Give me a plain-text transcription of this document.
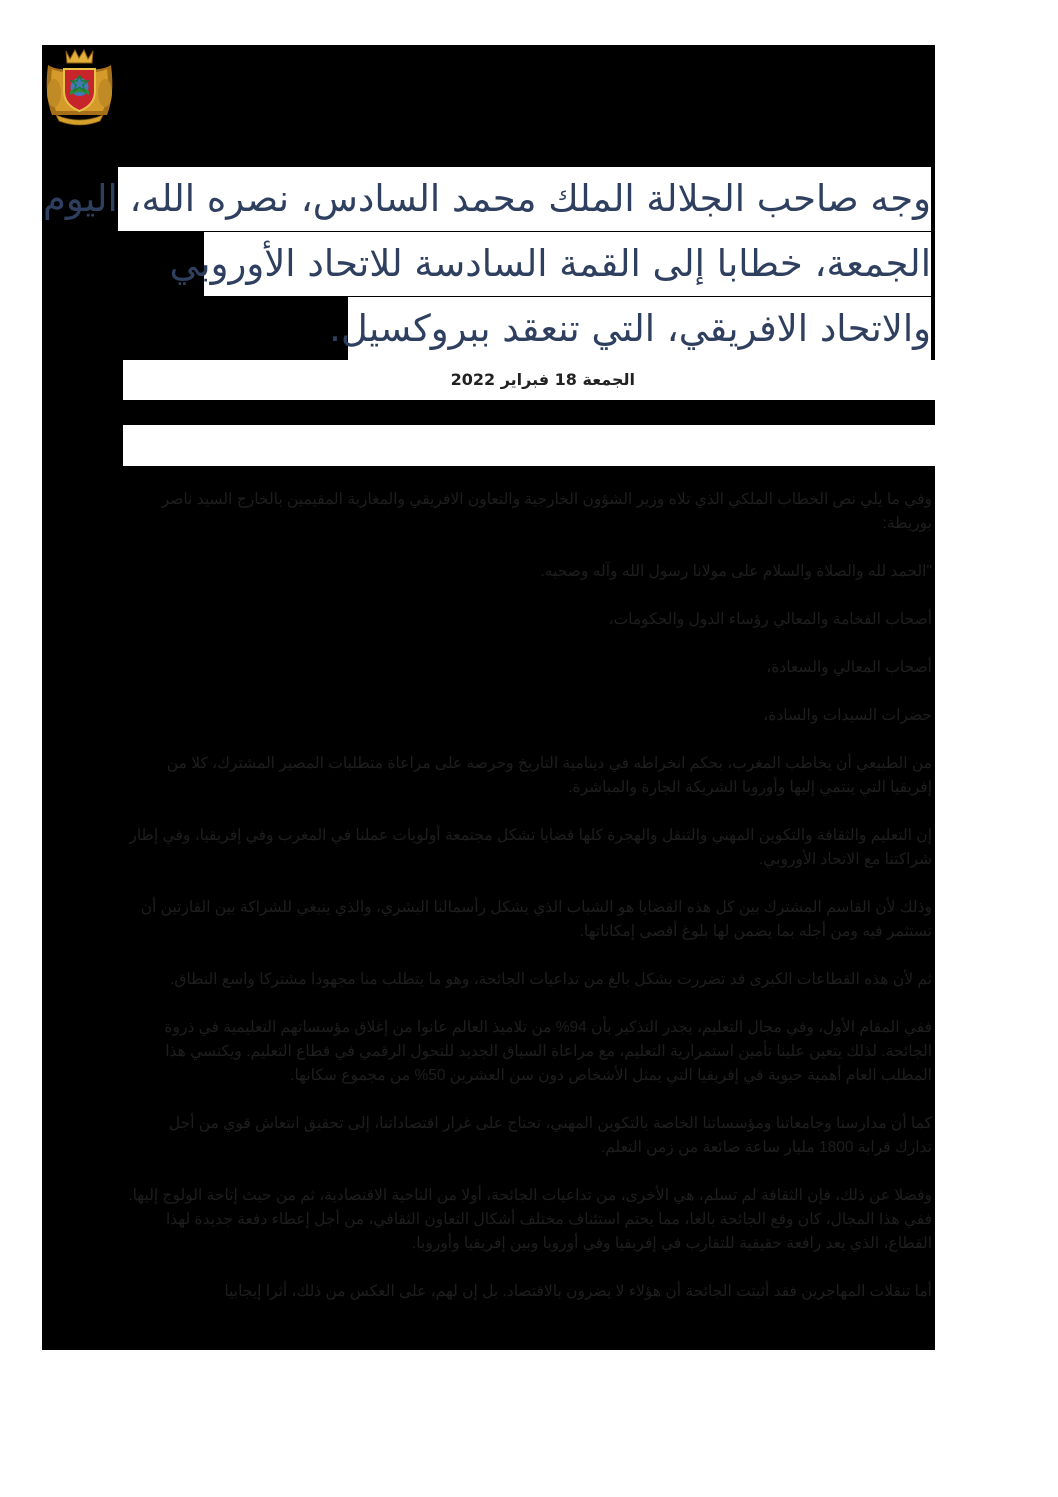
وجه صاحب الجلالة الملك محمد السادس، نصره الله، اليوم
الجمعة، خطابا إلى القمة السادسة للاتحاد الأوروبي
والاتحاد الافريقي، التي تنعقد ببروكسيل.
الجمعة 18 فبراير 2022

وفي ما يلي نص الخطاب الملكي الذي تلاه وزير الشؤون الخارجية والتعاون الافريقي والمغاربة المقيمين بالخارج السيد ناصر بوريطة:

"الحمد لله والصلاة والسلام على مولانا رسول الله وآله وصحبه.

أصحاب الفخامة والمعالي رؤساء الدول والحكومات،

أصحاب المعالي والسعادة،

حضرات السيدات والسادة،

من الطبيعي أن يخاطب المغرب، بحكم انخراطه في دينامية التاريخ وحرصه على مراعاة متطلبات المصير المشترك، كلا من إفريقيا التي ينتمي إليها وأوروبا الشريكة الجارة والمباشرة.

إن التعليم والثقافة والتكوين المهني والتنقل والهجرة كلها قضايا تشكل مجتمعة أولويات عملنا في المغرب وفي إفريقيا، وفي إطار شراكتنا مع الاتحاد الأوروبي.

وذلك لأن القاسم المشترك بين كل هذه القضايا هو الشباب الذي يشكل رأسمالنا البشري، والذي ينبغي للشراكة بين القارتين أن تستثمر فيه ومن أجله بما يضمن لها بلوغ أقصى إمكاناتها.

ثم لأن هذه القطاعات الكبرى قد تضررت بشكل بالغ من تداعيات الجائحة، وهو ما يتطلب منا مجهودا مشتركا واسع النطاق.

ففي المقام الأول، وفي مجال التعليم، يجدر التذكير بأن 94% من تلاميذ العالم عانوا من إغلاق مؤسساتهم التعليمية في ذروة الجائحة. لذلك يتعين علينا تأمين استمرارية التعليم، مع مراعاة السياق الجديد للتحول الرقمي في قطاع التعليم. ويكتسي هذا المطلب العام أهمية حيوية في إفريقيا التي يمثل الأشخاص دون سن العشرين 50% من مجموع سكانها.

كما أن مدارسنا وجامعاتنا ومؤسساتنا الخاصة بالتكوين المهني، تحتاج على غرار اقتصاداتنا، إلى تحقيق انتعاش قوي من أجل تدارك قرابة 1800 مليار ساعة ضائعة من زمن التعلم.

وفضلا عن ذلك، فإن الثقافة لم تسلم، هي الأخرى، من تداعيات الجائحة، أولا من الناحية الاقتصادية، ثم من حيث إتاحة الولوج إليها. ففي هذا المجال، كان وقع الجائحة بالغا، مما يحتم استئناف مختلف أشكال التعاون الثقافي، من أجل إعطاء دفعة جديدة لهذا القطاع، الذي يعد رافعة حقيقية للتقارب في إفريقيا وفي أوروبا وبين إفريقيا وأوروبا.

أما تنقلات المهاجرين فقد أثبتت الجائحة أن هؤلاء لا يضرون بالاقتصاد. بل إن لهم، على العكس من ذلك، أثرا إيجابيا
